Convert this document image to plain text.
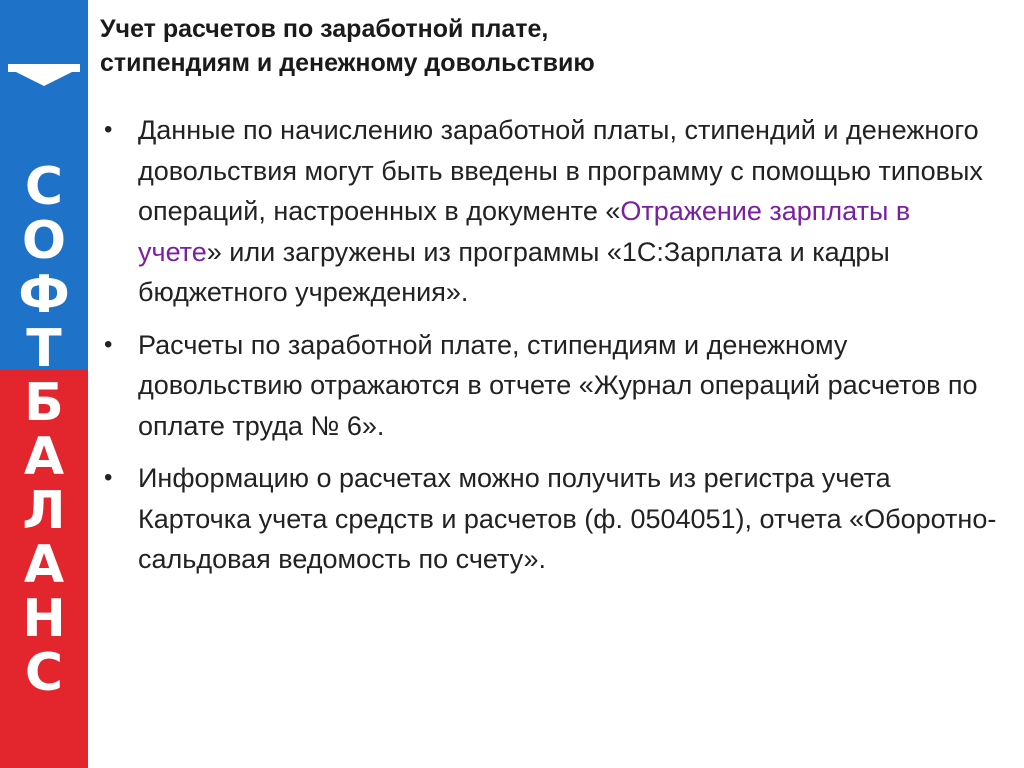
С
О
Ф
Т
Б
А
Л
А
Н
С
Учет расчетов по заработной плате,
стипендиям и денежному довольствию
• Данные по начислению заработной платы, стипендий и денежного довольствия могут быть введены в программу с помощью типовых операций, настроенных в документе «Отражение зарплаты в учете» или загружены из программы «1С:Зарплата и кадры бюджетного учреждения».
• Расчеты по заработной плате, стипендиям и денежному довольствию отражаются в отчете «Журнал операций расчетов по оплате труда № 6».
• Информацию о расчетах можно получить из регистра учета Карточка учета средств и расчетов (ф. 0504051), отчета «Оборотно-сальдовая ведомость по счету».
